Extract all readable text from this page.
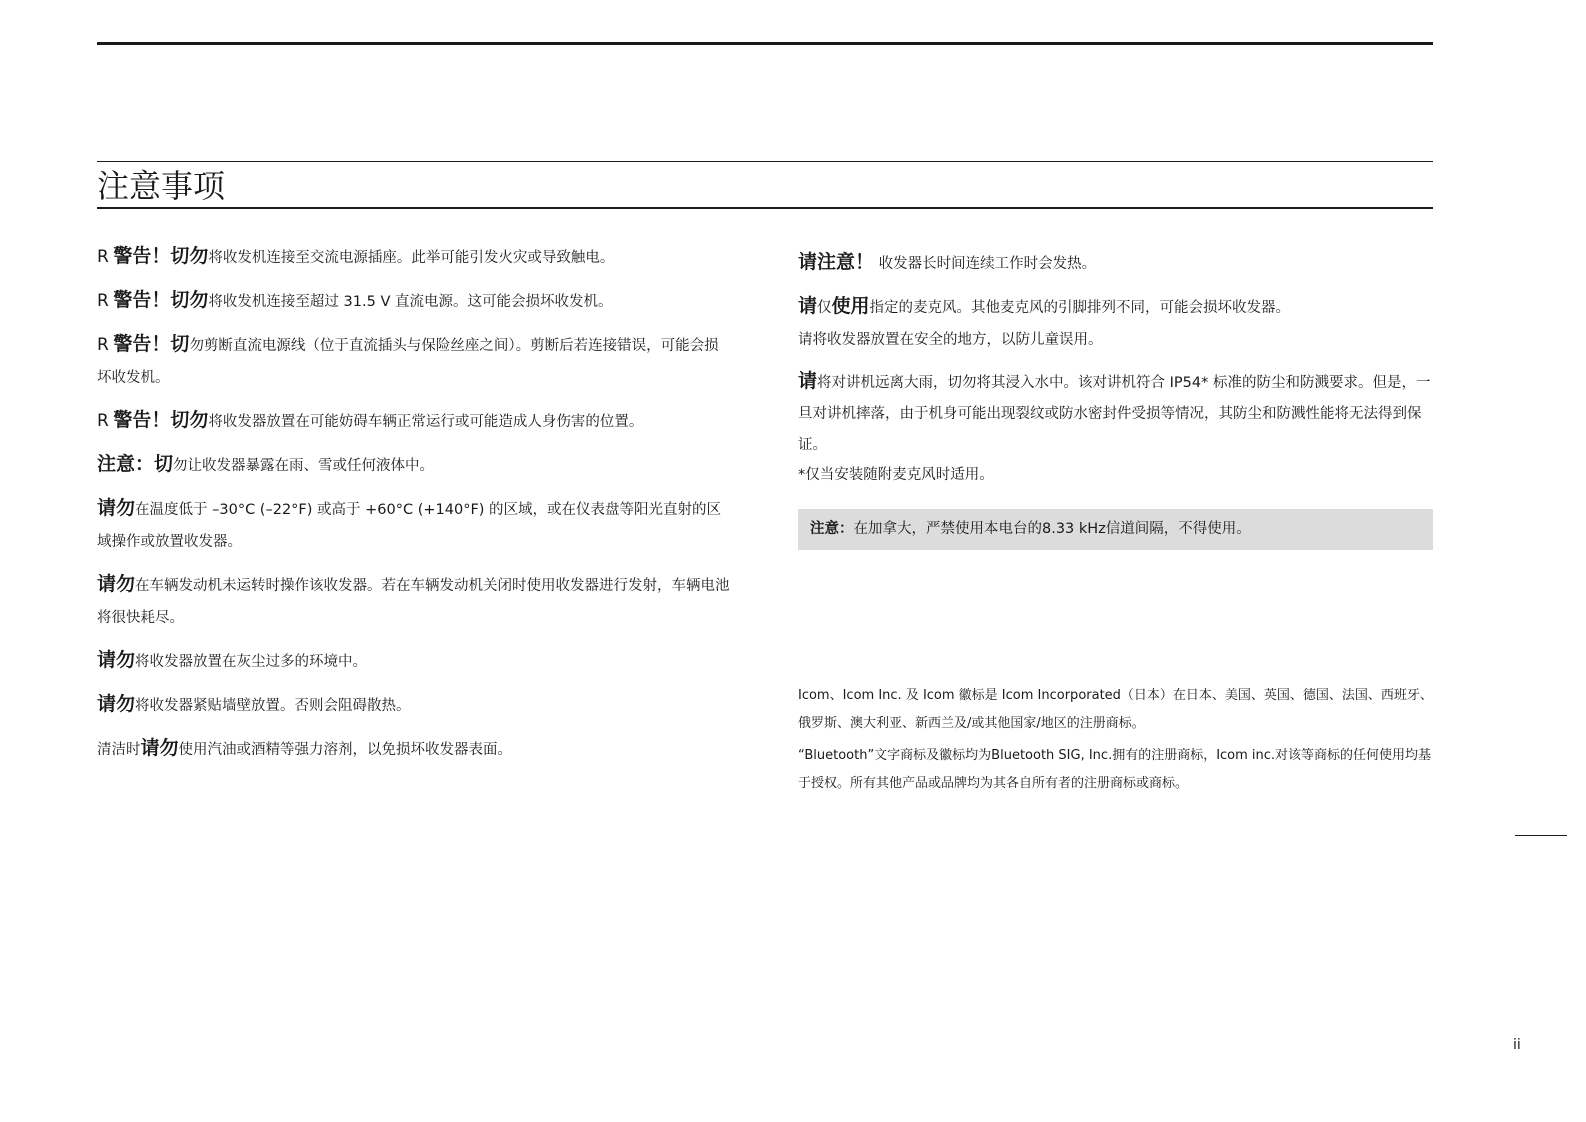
注意事项

R 警告！切勿将收发机连接至交流电源插座。此举可能引发火灾或导致触电。

R 警告！切勿将收发机连接至超过 31.5 V 直流电源。这可能会损坏收发机。

R 警告！切勿剪断直流电源线（位于直流插头与保险丝座之间）。剪断后若连接错误，可能会损坏收发机。

R 警告！切勿将收发器放置在可能妨碍车辆正常运行或可能造成人身伤害的位置。

注意：切勿让收发器暴露在雨、雪或任何液体中。

请勿在温度低于 –30°C (–22°F) 或高于 +60°C (+140°F) 的区域，或在仪表盘等阳光直射的区域操作或放置收发器。

请勿在车辆发动机未运转时操作该收发器。若在车辆发动机关闭时使用收发器进行发射，车辆电池将很快耗尽。

请勿将收发器放置在灰尘过多的环境中。

请勿将收发器紧贴墙壁放置。否则会阻碍散热。

清洁时请勿使用汽油或酒精等强力溶剂，以免损坏收发器表面。

请注意！ 收发器长时间连续工作时会发热。

请仅使用指定的麦克风。其他麦克风的引脚排列不同，可能会损坏收发器。

请将收发器放置在安全的地方，以防儿童误用。

请将对讲机远离大雨，切勿将其浸入水中。该对讲机符合 IP54* 标准的防尘和防溅要求。但是，一旦对讲机摔落，由于机身可能出现裂纹或防水密封件受损等情况，其防尘和防溅性能将无法得到保证。

*仅当安装随附麦克风时适用。

注意：在加拿大，严禁使用本电台的8.33 kHz信道间隔，不得使用。

Icom、Icom Inc. 及 Icom 徽标是 Icom Incorporated（日本）在日本、美国、英国、德国、法国、西班牙、俄罗斯、澳大利亚、新西兰及/或其他国家/地区的注册商标。

“Bluetooth”文字商标及徽标均为Bluetooth SIG, Inc.拥有的注册商标，Icom inc.对该等商标的任何使用均基于授权。所有其他产品或品牌均为其各自所有者的注册商标或商标。

ii
